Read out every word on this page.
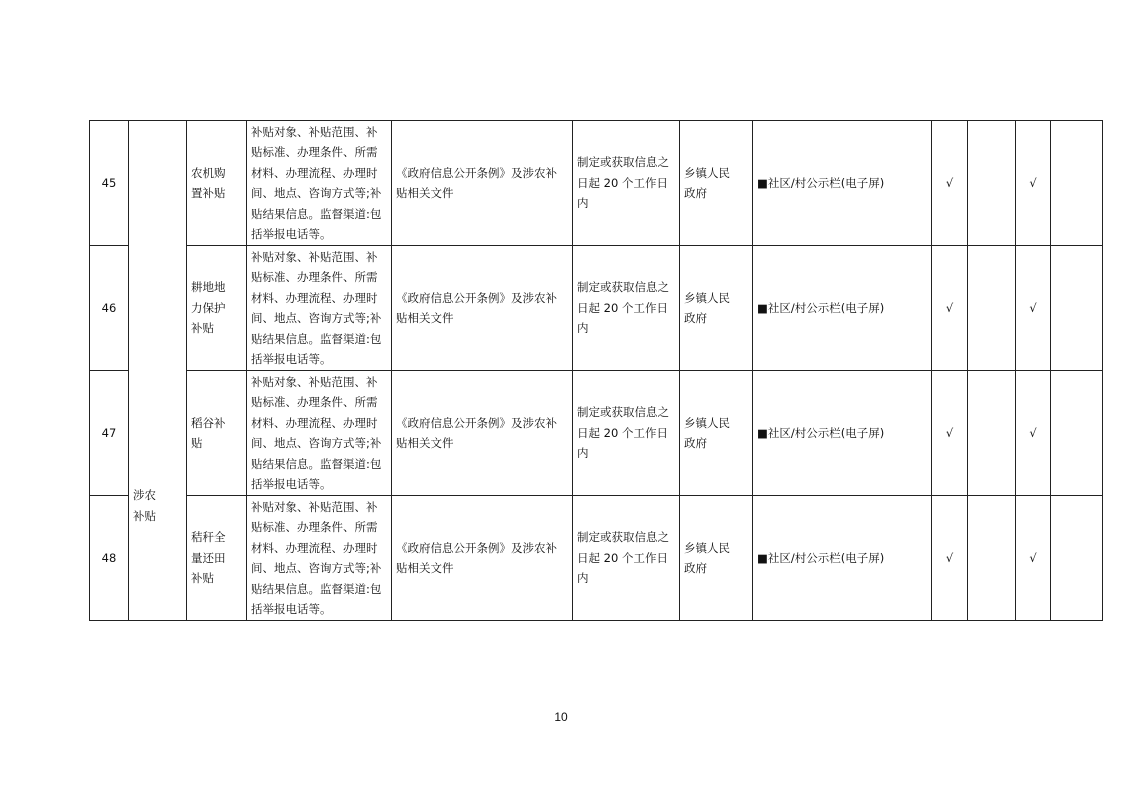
45	涉农补贴	农机购置补贴	补贴对象、补贴范围、补贴标准、办理条件、所需材料、办理流程、办理时间、地点、咨询方式等;补贴结果信息。监督渠道:包括举报电话等。	《政府信息公开条例》及涉农补贴相关文件	制定或获取信息之日起 20 个工作日内	乡镇人民政府	■社区/村公示栏(电子屏)	√		√	
46		耕地地力保护补贴	补贴对象、补贴范围、补贴标准、办理条件、所需材料、办理流程、办理时间、地点、咨询方式等;补贴结果信息。监督渠道:包括举报电话等。	《政府信息公开条例》及涉农补贴相关文件	制定或获取信息之日起 20 个工作日内	乡镇人民政府	■社区/村公示栏(电子屏)	√		√	
47		稻谷补贴	补贴对象、补贴范围、补贴标准、办理条件、所需材料、办理流程、办理时间、地点、咨询方式等;补贴结果信息。监督渠道:包括举报电话等。	《政府信息公开条例》及涉农补贴相关文件	制定或获取信息之日起 20 个工作日内	乡镇人民政府	■社区/村公示栏(电子屏)	√		√	
48		秸秆全量还田补贴	补贴对象、补贴范围、补贴标准、办理条件、所需材料、办理流程、办理时间、地点、咨询方式等;补贴结果信息。监督渠道:包括举报电话等。	《政府信息公开条例》及涉农补贴相关文件	制定或获取信息之日起 20 个工作日内	乡镇人民政府	■社区/村公示栏(电子屏)	√		√	
10
